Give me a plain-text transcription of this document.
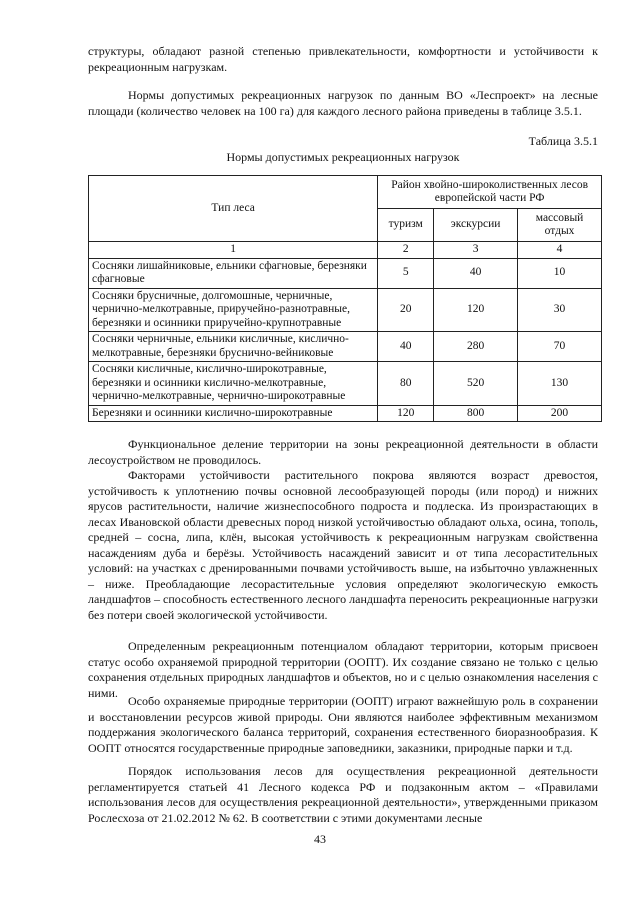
структуры, обладают разной степенью привлекательности, комфортности и устойчивости к рекреационным нагрузкам.

Нормы допустимых рекреационных нагрузок по данным ВО «Леспроект» на лесные площади (количество человек на 100 га) для каждого лесного района приведены в таблице 3.5.1.

Таблица 3.5.1

Нормы допустимых рекреационных нагрузок

Тип леса	Район хвойно-широколиственных лесов европейской части РФ		
	туризм	экскурсии	массовый отдых
1	2	3	4
Сосняки лишайниковые, ельники сфагновые, березняки сфагновые	5	40	10
Сосняки брусничные, долгомошные, черничные, чернично-мелкотравные, приручейно-разнотравные, березняки и осинники приручейно-крупнотравные	20	120	30
Сосняки черничные, ельники кисличные, кислично-мелкотравные, березняки бруснично-вейниковые	40	280	70
Сосняки кисличные, кислично-широкотравные, березняки и осинники кислично-мелкотравные, чернично-мелкотравные, чернично-широкотравные	80	520	130
Березняки и осинники кислично-широкотравные	120	800	200

Функциональное деление территории на зоны рекреационной деятельности в области лесоустройством не проводилось.

Факторами устойчивости растительного покрова являются возраст древостоя, устойчивость к уплотнению почвы основной лесообразующей породы (или пород) и нижних ярусов растительности, наличие жизнеспособного подроста и подлеска. Из произрастающих в лесах Ивановской области древесных пород низкой устойчивостью обладают ольха, осина, тополь, средней – сосна, липа, клён, высокая устойчивость к рекреационным нагрузкам свойственна насаждениям дуба и берёзы. Устойчивость насаждений зависит и от типа лесорастительных условий: на участках с дренированными почвами устойчивость выше, на избыточно увлажненных – ниже. Преобладающие лесорастительные условия определяют экологическую емкость ландшафтов – способность естественного лесного ландшафта переносить рекреационные нагрузки без потери своей экологической устойчивости.

Определенным рекреационным потенциалом обладают территории, которым присвоен статус особо охраняемой природной территории (ООПТ). Их создание связано не только с целью сохранения отдельных природных ландшафтов и объектов, но и с целью ознакомления населения с ними.

Особо охраняемые природные территории (ООПТ) играют важнейшую роль в сохранении и восстановлении ресурсов живой природы. Они являются наиболее эффективным механизмом поддержания экологического баланса территорий, сохранения естественного биоразнообразия. К ООПТ относятся государственные природные заповедники, заказники, природные парки и т.д.

Порядок использования лесов для осуществления рекреационной деятельности регламентируется статьей 41 Лесного кодекса РФ и подзаконным актом – «Правилами использования лесов для осуществления рекреационной деятельности», утвержденными приказом Рослесхоза от 21.02.2012 № 62. В соответствии с этими документами лесные

43
